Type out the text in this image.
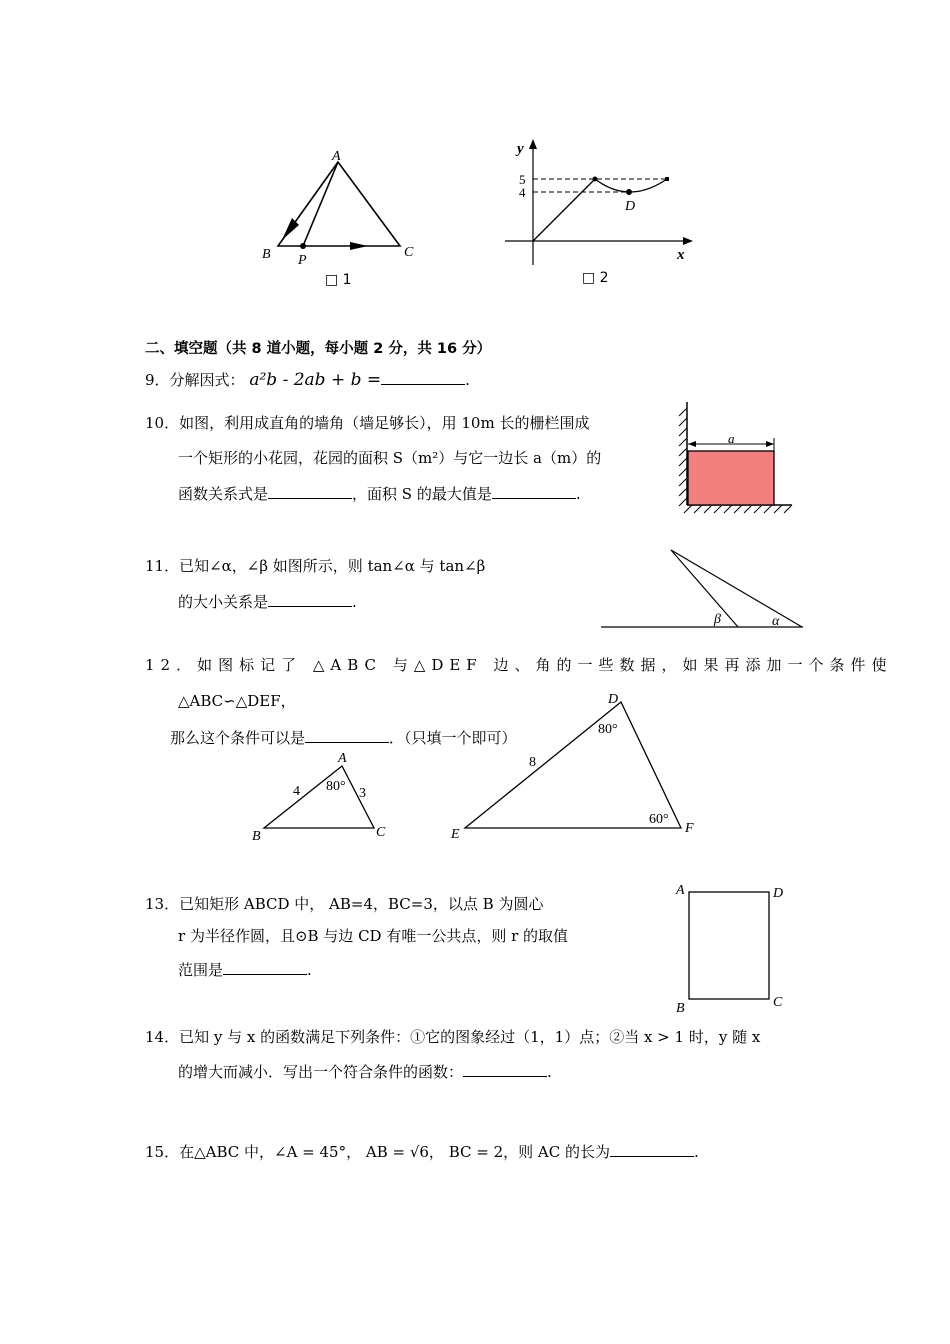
A
B	C
P
□ 1
y
x
5
4
D
□ 2
二、填空题（共 8 道小题，每小题 2 分，共 16 分）
9．分解因式： a²b - 2ab + b =	.
10．如图，利用成直角的墙角（墙足够长），用 10m 长的栅栏围成
一个矩形的小花园，花园的面积 S（m²）与它一边长 a（m）的
函数关系式是	，面积 S 的最大值是	.
a
11．已知∠α，∠β 如图所示，则 tan∠α 与 tan∠β
的大小关系是	.
β	α
12．如图标记了 △ABC 与△DEF 边、角的一些数据，如果再添加一个条件使
△ABC∽△DEF，
那么这个条件可以是	．（只填一个即可）
A
B	C
4	3
80°
D
E	F
8
80°
60°
13．已知矩形 ABCD 中， AB=4，BC=3，以点 B 为圆心
r 为半径作圆，且⊙B 与边 CD 有唯一公共点，则 r 的取值
范围是	.
A	D
B	C
14．已知 y 与 x 的函数满足下列条件：①它的图象经过（1，1）点；②当 x > 1 时，y 随 x
的增大而减小．写出一个符合条件的函数：	.
15．在△ABC 中，∠A = 45°， AB = √6， BC = 2，则 AC 的长为	.
